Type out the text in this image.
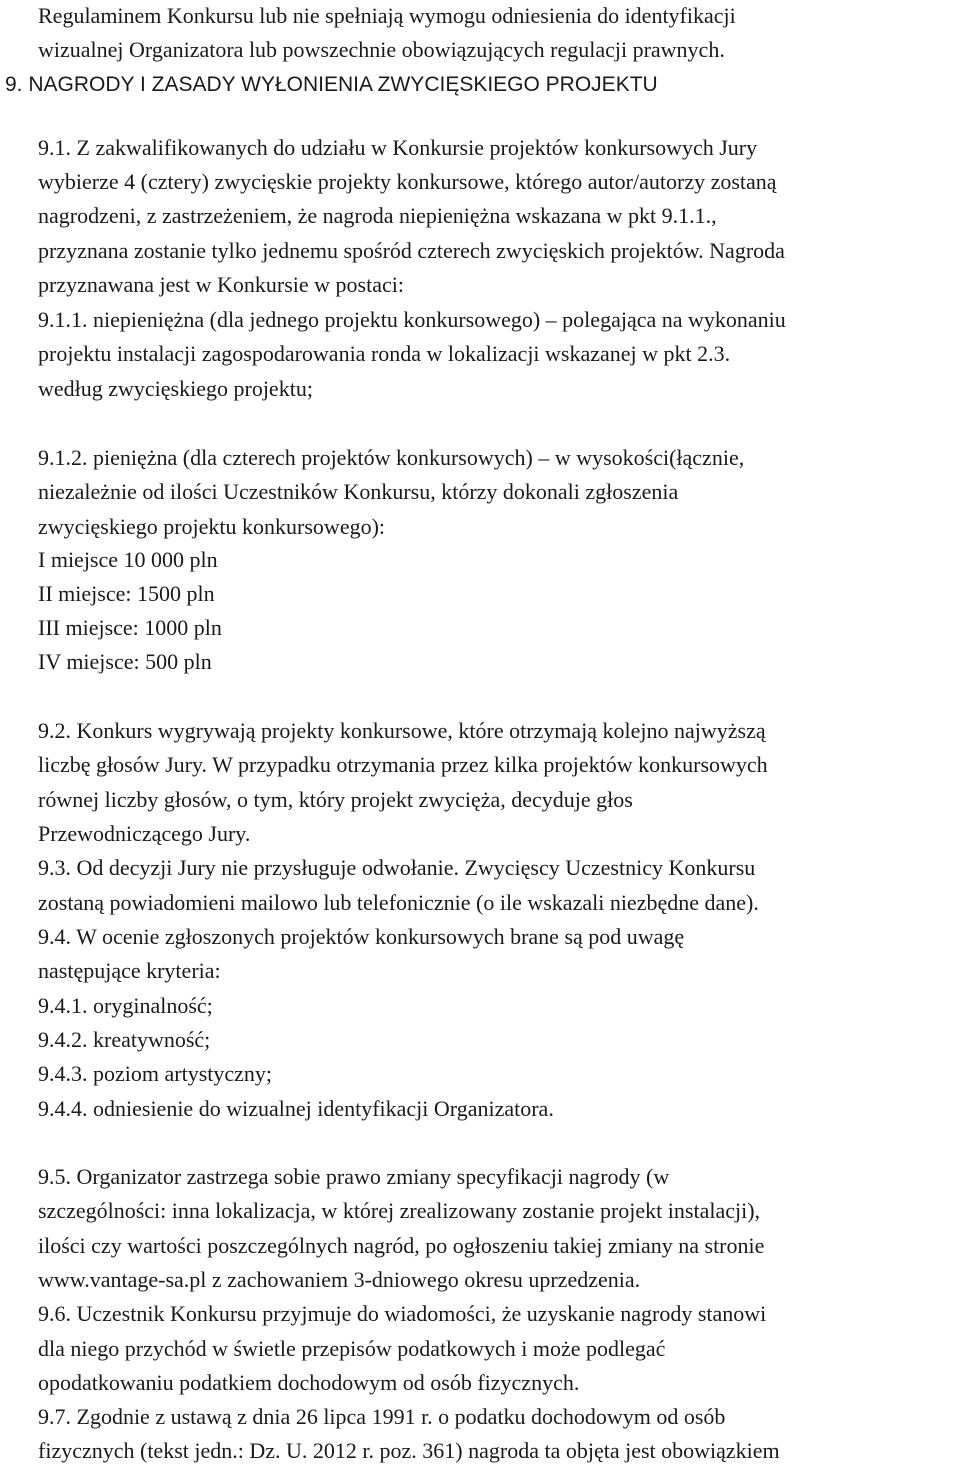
Regulaminem Konkursu lub nie spełniają wymogu odniesienia do identyfikacji
wizualnej Organizatora lub powszechnie obowiązujących regulacji prawnych.
9. NAGRODY I ZASADY WYŁONIENIA ZWYCIĘSKIEGO PROJEKTU
9.1. Z zakwalifikowanych do udziału w Konkursie projektów konkursowych Jury
wybierze 4 (cztery) zwycięskie projekty konkursowe, którego autor/autorzy zostaną
nagrodzeni, z zastrzeżeniem, że nagroda niepieniężna wskazana w pkt 9.1.1.,
przyznana zostanie tylko jednemu spośród czterech zwycięskich projektów. Nagroda
przyznawana jest w Konkursie w postaci:
9.1.1. niepieniężna (dla jednego projektu konkursowego) – polegająca na wykonaniu
projektu instalacji zagospodarowania ronda w lokalizacji wskazanej w pkt 2.3.
według zwycięskiego projektu;
9.1.2. pieniężna (dla czterech projektów konkursowych) – w wysokości(łącznie,
niezależnie od ilości Uczestników Konkursu, którzy dokonali zgłoszenia
zwycięskiego projektu konkursowego):
I miejsce 10 000 pln
II miejsce: 1500 pln
III miejsce: 1000 pln
IV miejsce: 500 pln
9.2. Konkurs wygrywają projekty konkursowe, które otrzymają kolejno najwyższą
liczbę głosów Jury. W przypadku otrzymania przez kilka projektów konkursowych
równej liczby głosów, o tym, który projekt zwycięża, decyduje głos
Przewodniczącego Jury.
9.3. Od decyzji Jury nie przysługuje odwołanie. Zwycięscy Uczestnicy Konkursu
zostaną powiadomieni mailowo lub telefonicznie (o ile wskazali niezbędne dane).
9.4. W ocenie zgłoszonych projektów konkursowych brane są pod uwagę
następujące kryteria:
9.4.1. oryginalność;
9.4.2. kreatywność;
9.4.3. poziom artystyczny;
9.4.4. odniesienie do wizualnej identyfikacji Organizatora.
9.5. Organizator zastrzega sobie prawo zmiany specyfikacji nagrody (w
szczególności: inna lokalizacja, w której zrealizowany zostanie projekt instalacji),
ilości czy wartości poszczególnych nagród, po ogłoszeniu takiej zmiany na stronie
www.vantage-sa.pl z zachowaniem 3-dniowego okresu uprzedzenia.
9.6. Uczestnik Konkursu przyjmuje do wiadomości, że uzyskanie nagrody stanowi
dla niego przychód w świetle przepisów podatkowych i może podlegać
opodatkowaniu podatkiem dochodowym od osób fizycznych.
9.7. Zgodnie z ustawą z dnia 26 lipca 1991 r. o podatku dochodowym od osób
fizycznych (tekst jedn.: Dz. U. 2012 r. poz. 361) nagroda ta objęta jest obowiązkiem
